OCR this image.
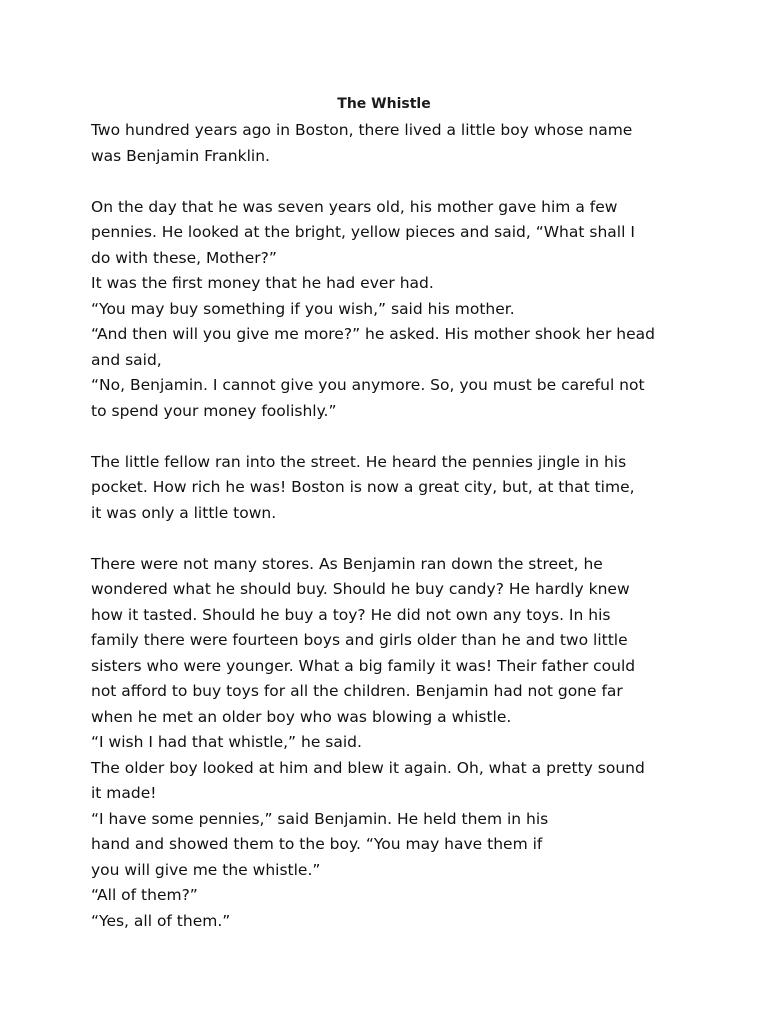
The Whistle
Two hundred years ago in Boston, there lived a little boy whose name
was Benjamin Franklin.
On the day that he was seven years old, his mother gave him a few
pennies. He looked at the bright, yellow pieces and said, “What shall I
do with these, Mother?”
It was the first money that he had ever had.
“You may buy something if you wish,” said his mother.
“And then will you give me more?” he asked. His mother shook her head
and said,
“No, Benjamin. I cannot give you anymore. So, you must be careful not
to spend your money foolishly.”
The little fellow ran into the street. He heard the pennies jingle in his
pocket. How rich he was! Boston is now a great city, but, at that time,
it was only a little town.
There were not many stores. As Benjamin ran down the street, he
wondered what he should buy. Should he buy candy? He hardly knew
how it tasted. Should he buy a toy? He did not own any toys. In his
family there were fourteen boys and girls older than he and two little
sisters who were younger. What a big family it was! Their father could
not afford to buy toys for all the children. Benjamin had not gone far
when he met an older boy who was blowing a whistle.
“I wish I had that whistle,” he said.
The older boy looked at him and blew it again. Oh, what a pretty sound
it made!
“I have some pennies,” said Benjamin. He held them in his
hand and showed them to the boy. “You may have them if
you will give me the whistle.”
“All of them?”
“Yes, all of them.”
